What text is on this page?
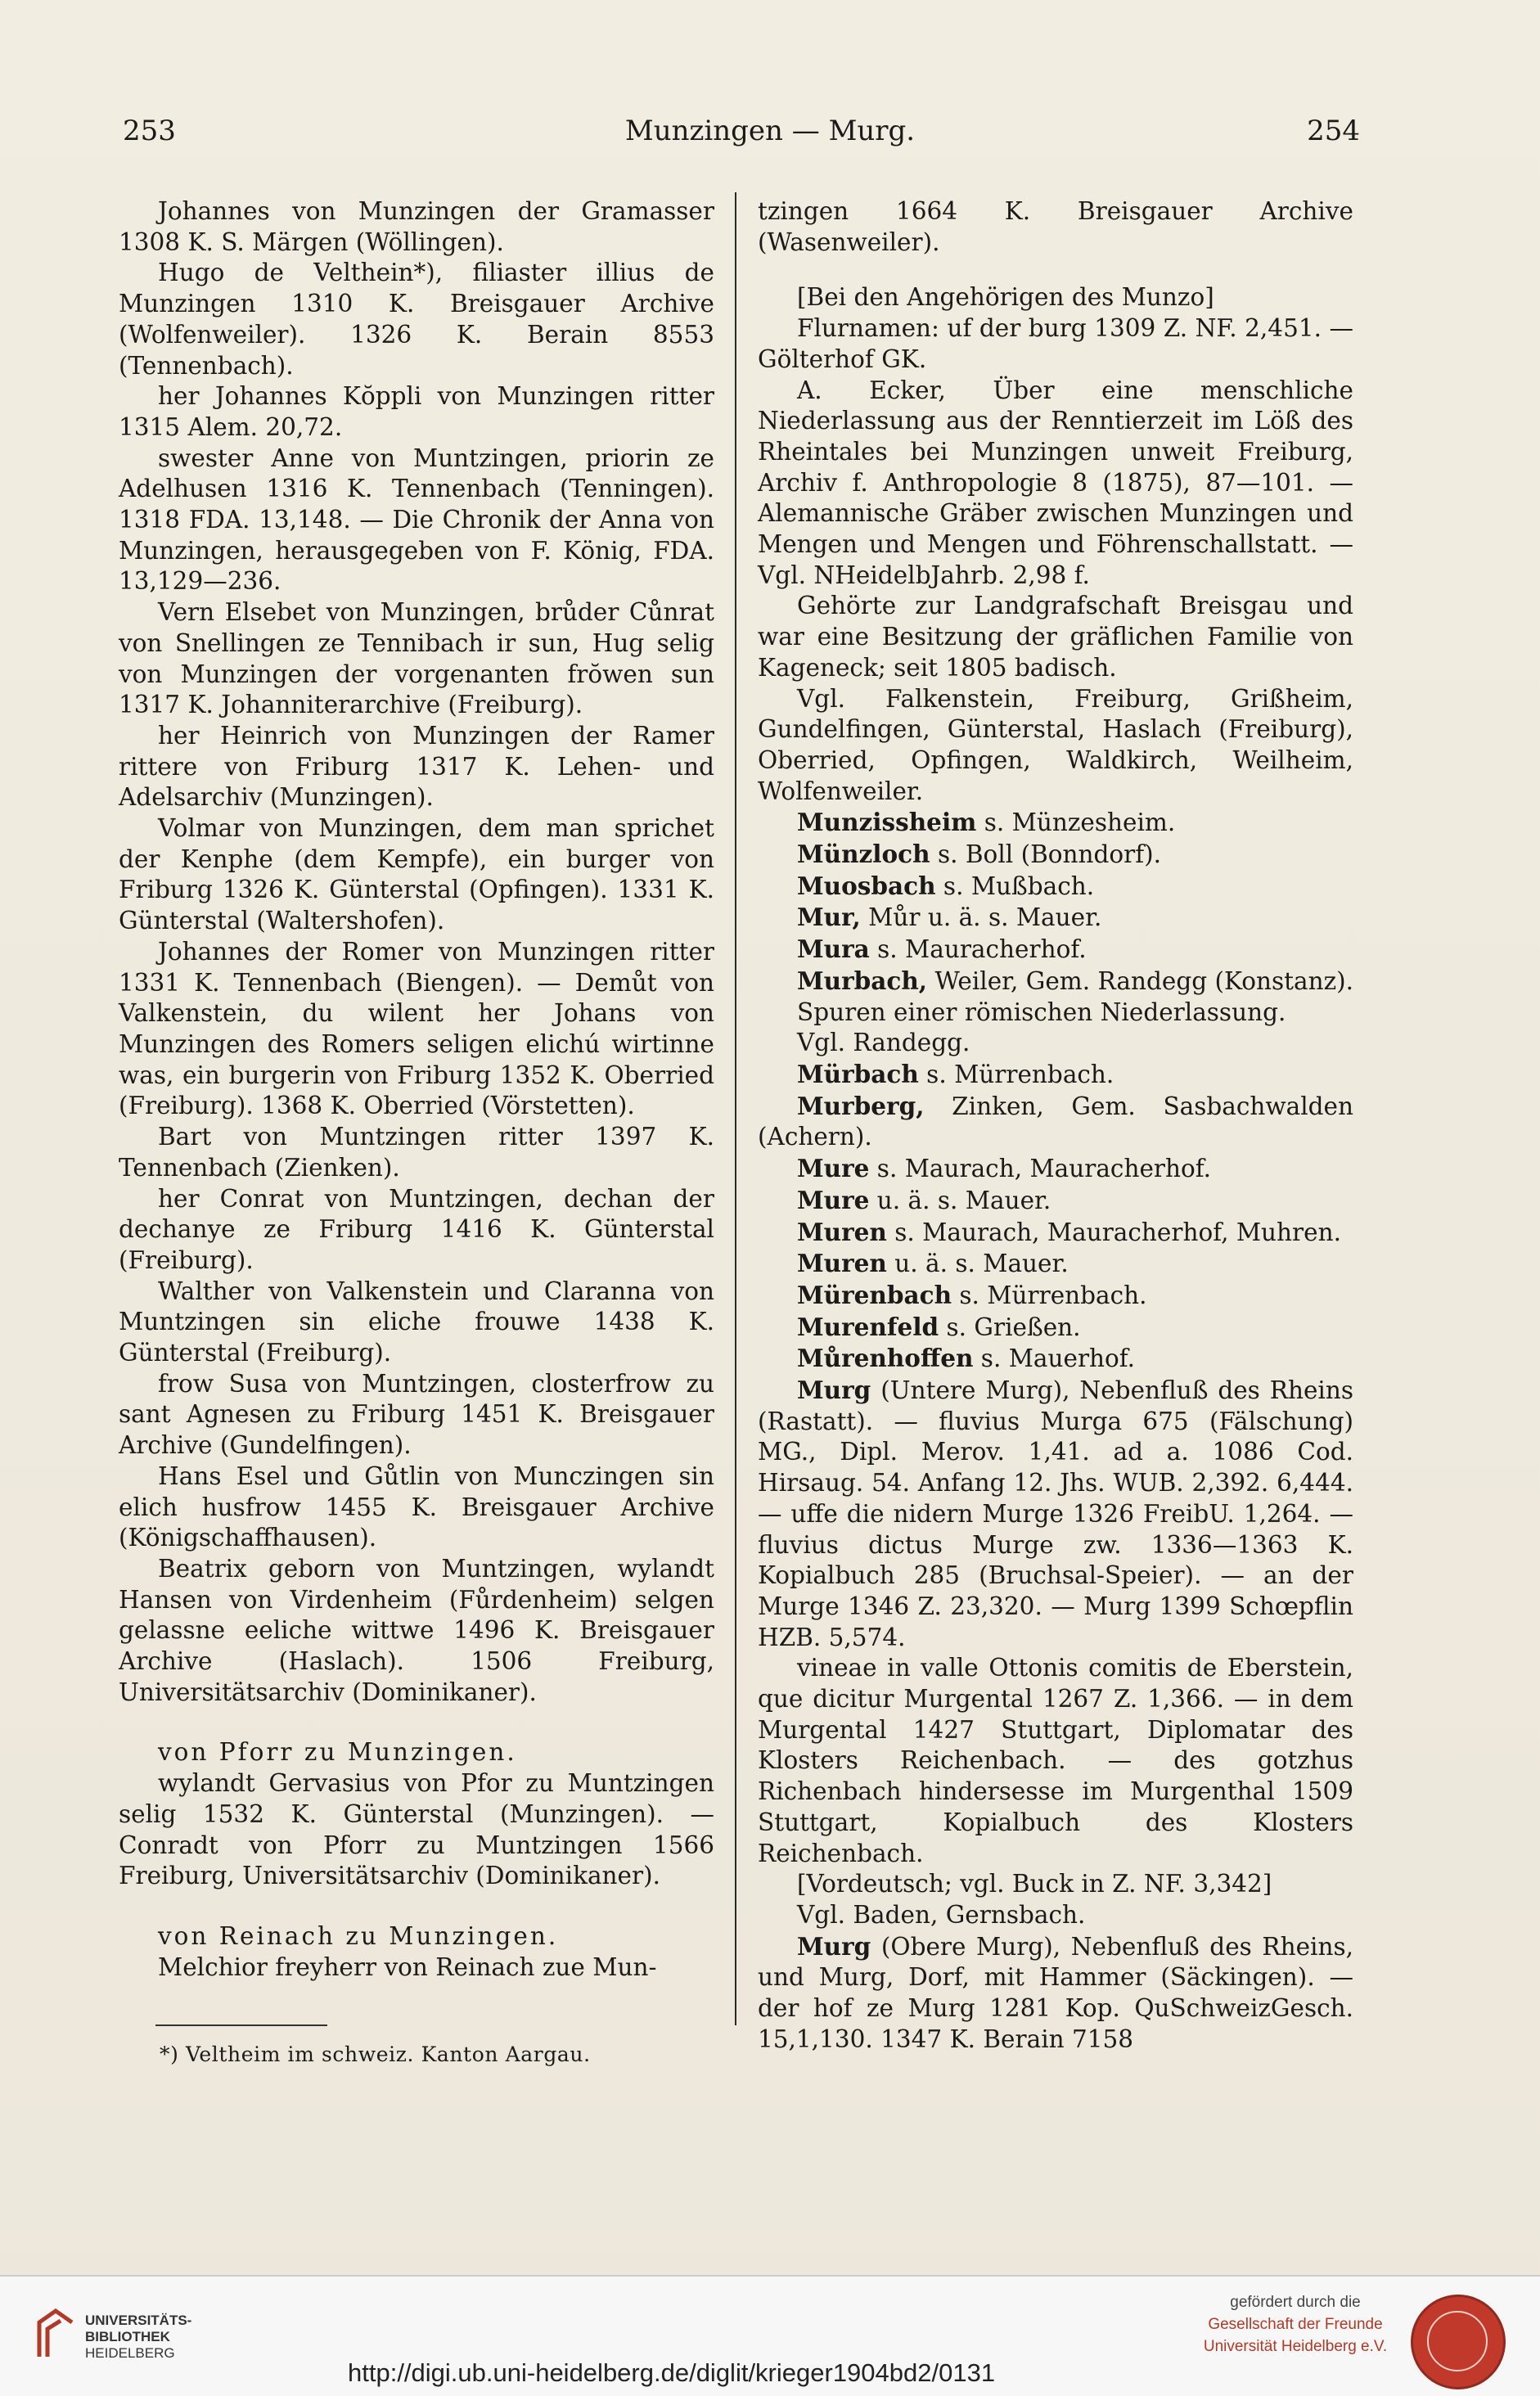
253	Munzingen — Murg.	254

Johannes von Munzingen der Gramasser 1308 K. S. Märgen (Wöllingen).

Hugo de Velthein*), filiaster illius de Munzingen 1310 K. Breisgauer Archive (Wolfenweiler). 1326 K. Berain 8553 (Tennenbach).

her Johannes Kŏppli von Munzingen ritter 1315 Alem. 20,72.

swester Anne von Muntzingen, priorin ze Adelhusen 1316 K. Tennenbach (Tenningen). 1318 FDA. 13,148. — Die Chronik der Anna von Munzingen, herausgegeben von F. König, FDA. 13,129—236.

Vern Elsebet von Munzingen, brůder Cůnrat von Snellingen ze Tennibach ir sun, Hug selig von Munzingen der vorgenanten frŏwen sun 1317 K. Johanniterarchive (Freiburg).

her Heinrich von Munzingen der Ramer rittere von Friburg 1317 K. Lehen- und Adelsarchiv (Munzingen).

Volmar von Munzingen, dem man sprichet der Kenphe (dem Kempfe), ein burger von Friburg 1326 K. Günterstal (Opfingen). 1331 K. Günterstal (Waltershofen).

Johannes der Romer von Munzingen ritter 1331 K. Tennenbach (Biengen). — Demůt von Valkenstein, du wilent her Johans von Munzingen des Romers seligen elichú wirtinne was, ein burgerin von Friburg 1352 K. Oberried (Freiburg). 1368 K. Oberried (Vörstetten).

Bart von Muntzingen ritter 1397 K. Tennenbach (Zienken).

her Conrat von Muntzingen, dechan der dechanye ze Friburg 1416 K. Günterstal (Freiburg).

Walther von Valkenstein und Claranna von Muntzingen sin eliche frouwe 1438 K. Günterstal (Freiburg).

frow Susa von Muntzingen, closterfrow zu sant Agnesen zu Friburg 1451 K. Breisgauer Archive (Gundelfingen).

Hans Esel und Gůtlin von Munczingen sin elich husfrow 1455 K. Breisgauer Archive (Königschaffhausen).

Beatrix geborn von Muntzingen, wylandt Hansen von Virdenheim (Fůrdenheim) selgen gelassne eeliche wittwe 1496 K. Breisgauer Archive (Haslach). 1506 Freiburg, Universitätsarchiv (Dominikaner).

von Pforr zu Munzingen.

wylandt Gervasius von Pfor zu Muntzingen selig 1532 K. Günterstal (Munzingen). — Conradt von Pforr zu Muntzingen 1566 Freiburg, Universitätsarchiv (Dominikaner).

von Reinach zu Munzingen.

Melchior freyherr von Reinach zue Mun-

tzingen 1664 K. Breisgauer Archive (Wasenweiler).

[Bei den Angehörigen des Munzo]

Flurnamen: uf der burg 1309 Z. NF. 2,451. — Gölterhof GK.

A. Ecker, Über eine menschliche Niederlassung aus der Renntierzeit im Löß des Rheintales bei Munzingen unweit Freiburg, Archiv f. Anthropologie 8 (1875), 87—101. — Alemannische Gräber zwischen Munzingen und Mengen und Mengen und Föhrenschallstatt. — Vgl. NHeidelbJahrb. 2,98 f.

Gehörte zur Landgrafschaft Breisgau und war eine Besitzung der gräflichen Familie von Kageneck; seit 1805 badisch.

Vgl. Falkenstein, Freiburg, Grißheim, Gundelfingen, Günterstal, Haslach (Freiburg), Oberried, Opfingen, Waldkirch, Weilheim, Wolfenweiler.

Munzissheim s. Münzesheim.

Münzloch s. Boll (Bonndorf).

Muosbach s. Mußbach.

Mur, Můr u. ä. s. Mauer.

Mura s. Mauracherhof.

Murbach, Weiler, Gem. Randegg (Konstanz).

Spuren einer römischen Niederlassung.

Vgl. Randegg.

Mürbach s. Mürrenbach.

Murberg, Zinken, Gem. Sasbachwalden (Achern).

Mure s. Maurach, Mauracherhof.

Mure u. ä. s. Mauer.

Muren s. Maurach, Mauracherhof, Muhren.

Muren u. ä. s. Mauer.

Mürenbach s. Mürrenbach.

Murenfeld s. Grießen.

Můrenhoffen s. Mauerhof.

Murg (Untere Murg), Nebenfluß des Rheins (Rastatt). — fluvius Murga 675 (Fälschung) MG., Dipl. Merov. 1,41. ad a. 1086 Cod. Hirsaug. 54. Anfang 12. Jhs. WUB. 2,392. 6,444. — uffe die nidern Murge 1326 FreibU. 1,264. — fluvius dictus Murge zw. 1336—1363 K. Kopialbuch 285 (Bruchsal-Speier). — an der Murge 1346 Z. 23,320. — Murg 1399 Schœpflin HZB. 5,574.

vineae in valle Ottonis comitis de Eberstein, que dicitur Murgental 1267 Z. 1,366. — in dem Murgental 1427 Stuttgart, Diplomatar des Klosters Reichenbach. — des gotzhus Richenbach hindersesse im Murgenthal 1509 Stuttgart, Kopialbuch des Klosters Reichenbach.

[Vordeutsch; vgl. Buck in Z. NF. 3,342]

Vgl. Baden, Gernsbach.

Murg (Obere Murg), Nebenfluß des Rheins, und Murg, Dorf, mit Hammer (Säckingen). — der hof ze Murg 1281 Kop. QuSchweizGesch. 15,1,130. 1347 K. Berain 7158

*) Veltheim im schweiz. Kanton Aargau.
UNIVERSITÄTS-
BIBLIOTHEK
HEIDELBERG
http://digi.ub.uni-heidelberg.de/diglit/krieger1904bd2/0131
gefördert durch die
Gesellschaft der Freunde
Universität Heidelberg e.V.
